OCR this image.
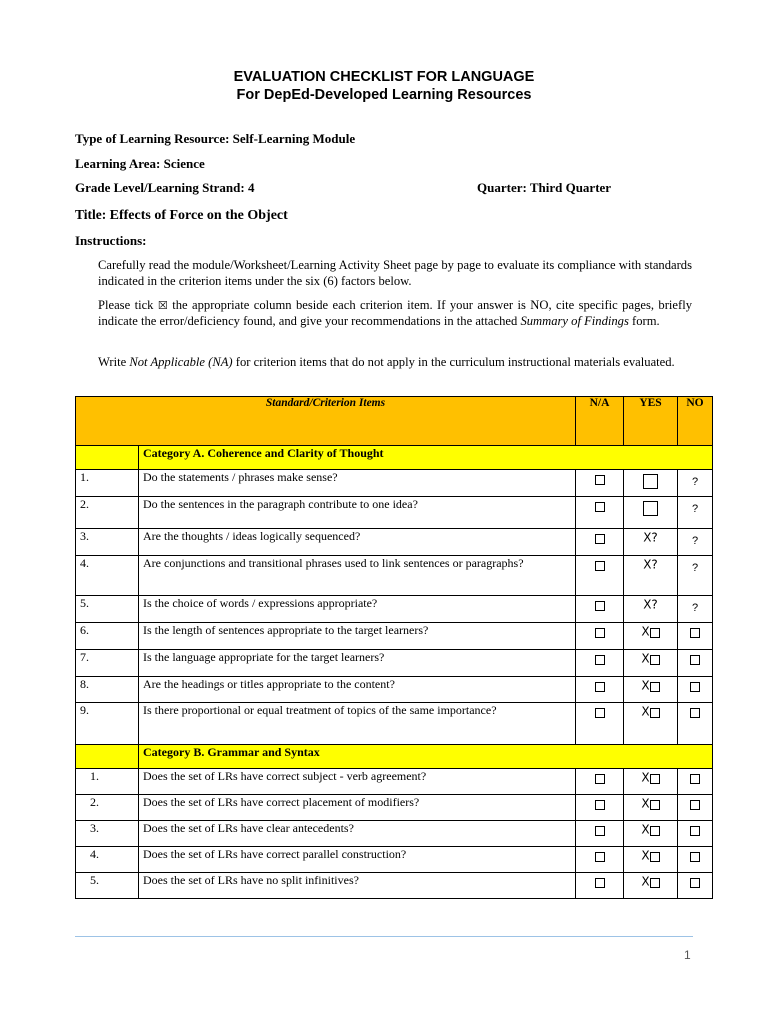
EVALUATION CHECKLIST FOR LANGUAGE
For DepEd-Developed Learning Resources
Type of Learning Resource: Self-Learning Module
Learning Area: Science
Grade Level/Learning Strand: 4	Quarter: Third Quarter
Title: Effects of Force on the Object
Instructions:
Carefully read the module/Worksheet/Learning Activity Sheet page by page to evaluate its compliance with standards indicated in the criterion items under the six (6) factors below.
Please tick ☒ the appropriate column beside each criterion item. If your answer is NO, cite specific pages, briefly indicate the error/deficiency found, and give your recommendations in the attached Summary of Findings form.
Write Not Applicable (NA) for criterion items that do not apply in the curriculum instructional materials evaluated.
Standard/Criterion Items		N/A	YES	NO
	Category A. Coherence and Clarity of Thought			
1.	Do the statements / phrases make sense?			?
2.	Do the sentences in the paragraph contribute to one idea?			?
3.	Are the thoughts / ideas logically sequenced?		X?	?
4.	Are conjunctions and transitional phrases used to link sentences or paragraphs?		X?	?
5.	Is the choice of words / expressions appropriate?		X?	?
6.	Is the length of sentences appropriate to the target learners?		X	
7.	Is the language appropriate for the target learners?		X	
8.	Are the headings or titles appropriate to the content?		X	
9.	Is there proportional or equal treatment of topics of the same importance?		X	
	Category B. Grammar and Syntax			
1.	Does the set of LRs have correct subject - verb agreement?		X	
2.	Does the set of LRs have correct placement of modifiers?		X	
3.	Does the set of LRs have clear antecedents?		X	
4.	Does the set of LRs have correct parallel construction?		X	
5.	Does the set of LRs have no split infinitives?		X	
1
